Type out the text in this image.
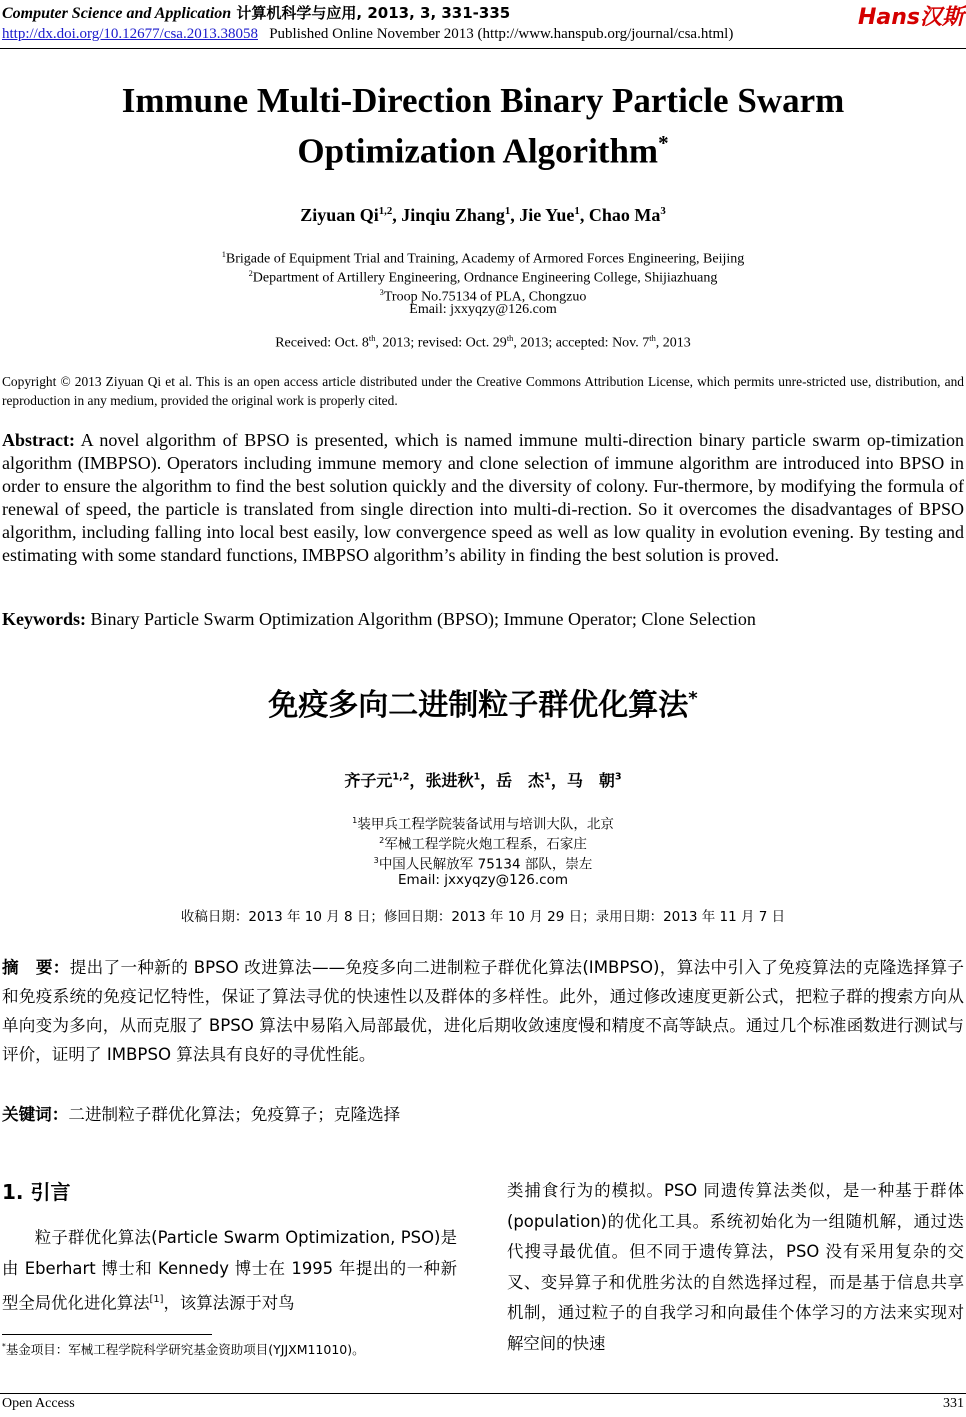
Computer Science and Application 计算机科学与应用, 2013, 3, 331-335	Hans汉斯
http://dx.doi.org/10.12677/csa.2013.38058 Published Online November 2013 (http://www.hanspub.org/journal/csa.html)
Immune Multi-Direction Binary Particle Swarm
Optimization Algorithm*
Ziyuan Qi$^{1,2}$, Jinqiu Zhang$^1$, Jie Yue$^1$, Chao Ma$^3$
$^1$Brigade of Equipment Trial and Training, Academy of Armored Forces Engineering, Beijing
$^2$Department of Artillery Engineering, Ordnance Engineering College, Shijiazhuang
$^3$Troop No.75134 of PLA, Chongzuo
Email: jxxyqzy@126.com
Received: Oct. 8th, 2013; revised: Oct. 29th, 2013; accepted: Nov. 7th, 2013
Copyright © 2013 Ziyuan Qi et al. This is an open access article distributed under the Creative Commons Attribution License, which permits unre-stricted use, distribution, and reproduction in any medium, provided the original work is properly cited.
Abstract: A novel algorithm of BPSO is presented, which is named immune multi-direction binary particle swarm op-timization algorithm (IMBPSO). Operators including immune memory and clone selection of immune algorithm are introduced into BPSO in order to ensure the algorithm to find the best solution quickly and the diversity of colony. Fur-thermore, by modifying the formula of renewal of speed, the particle is translated from single direction into multi-di-rection. So it overcomes the disadvantages of BPSO algorithm, including falling into local best easily, low convergence speed as well as low quality in evolution evening. By testing and estimating with some standard functions, IMBPSO algorithm’s ability in finding the best solution is proved.
Keywords: Binary Particle Swarm Optimization Algorithm (BPSO); Immune Operator; Clone Selection
免疫多向二进制粒子群优化算法*
齐子元$^{1,2}$，张进秋$^1$，岳　杰$^1$，马　朝$^3$
$^1$装甲兵工程学院装备试用与培训大队，北京
$^2$军械工程学院火炮工程系，石家庄
$^3$中国人民解放军 75134 部队，崇左
Email: jxxyqzy@126.com
收稿日期：2013 年 10 月 8 日；修回日期：2013 年 10 月 29 日；录用日期：2013 年 11 月 7 日
摘　要：提出了一种新的 BPSO 改进算法——免疫多向二进制粒子群优化算法(IMBPSO)，算法中引入了免疫算法的克隆选择算子和免疫系统的免疫记忆特性，保证了算法寻优的快速性以及群体的多样性。此外，通过修改速度更新公式，把粒子群的搜索方向从单向变为多向，从而克服了 BPSO 算法中易陷入局部最优，进化后期收敛速度慢和精度不高等缺点。通过几个标准函数进行测试与评价，证明了 IMBPSO 算法具有良好的寻优性能。
关键词：二进制粒子群优化算法；免疫算子；克隆选择
1. 引言
粒子群优化算法(Particle Swarm Optimization, PSO)是由 Eberhart 博士和 Kennedy 博士在 1995 年提出的一种新型全局优化进化算法[1]，该算法源于对鸟
类捕食行为的模拟。PSO 同遗传算法类似，是一种基于群体(population)的优化工具。系统初始化为一组随机解，通过迭代搜寻最优值。但不同于遗传算法，PSO 没有采用复杂的交叉、变异算子和优胜劣汰的自然选择过程，而是基于信息共享机制，通过粒子的自我学习和向最佳个体学习的方法来实现对解空间的快速
*基金项目：军械工程学院科学研究基金资助项目(YJJXM11010)。
Open Access	331
